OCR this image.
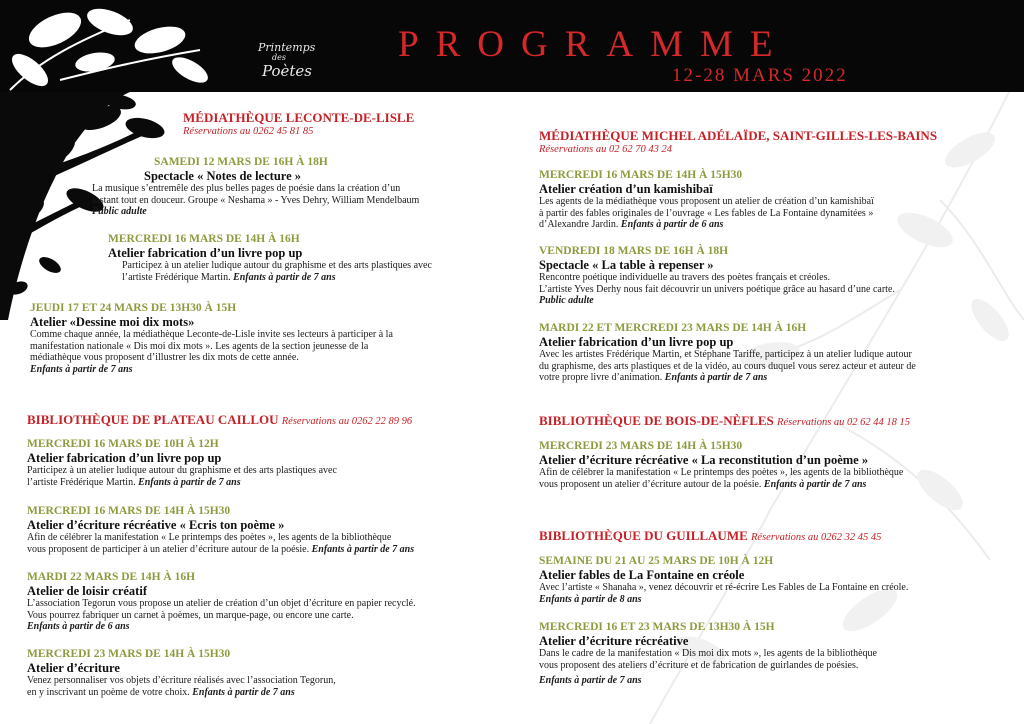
Printemps
des
Poètes
PROGRAMME
12-28 MARS 2022
MÉDIATHÈQUE LECONTE-DE-LISLE
Réservations au 0262 45 81 85
SAMEDI 12 MARS DE 16H À 18H
Spectacle « Notes de lecture »
La musique s’entremêle des plus belles pages de poésie dans la création d’un
instant tout en douceur. Groupe « Neshama » - Yves Dehry, William Mendelbaum
Public adulte
MERCREDI 16 MARS DE 14H À 16H
Atelier fabrication d’un livre pop up
Participez à un atelier ludique autour du graphisme et des arts plastiques avec
l’artiste Frédérique Martin. Enfants à partir de 7 ans
JEUDI 17 ET 24 MARS DE 13H30 À 15H
Atelier «Dessine moi dix mots»
Comme chaque année, la médiathèque Leconte-de-Lisle invite ses lecteurs à participer à la
manifestation nationale « Dis moi dix mots ». Les agents de la section jeunesse de la
médiathèque vous proposent d’illustrer les dix mots de cette année.
Enfants à partir de 7 ans
BIBLIOTHÈQUE DE PLATEAU CAILLOU Réservations au 0262 22 89 96
MERCREDI 16 MARS DE 10H À 12H
Atelier fabrication d’un livre pop up
Participez à un atelier ludique autour du graphisme et des arts plastiques avec
l’artiste Frédérique Martin. Enfants à partir de 7 ans
MERCREDI 16 MARS DE 14H À 15H30
Atelier d’écriture récréative « Ecris ton poème »
Afin de célébrer la manifestation « Le printemps des poètes », les agents de la bibliothèque
vous proposent de participer à un atelier d’écriture autour de la poésie. Enfants à partir de 7 ans
MARDI 22 MARS DE 14H À 16H
Atelier de loisir créatif
L’association Tegorun vous propose un atelier de création d’un objet d’écriture en papier recyclé.
Vous pourrez fabriquer un carnet à poèmes, un marque-page, ou encore une carte.
Enfants à partir de 6 ans
MERCREDI 23 MARS DE 14H À 15H30
Atelier d’écriture
Venez personnaliser vos objets d’écriture réalisés avec l’association Tegorun,
en y inscrivant un poème de votre choix. Enfants à partir de 7 ans
MÉDIATHÈQUE MICHEL ADÉLAÏDE, SAINT-GILLES-LES-BAINS
Réservations au 02 62 70 43 24
MERCREDI 16 MARS DE 14H À 15H30
Atelier création d’un kamishibaï
Les agents de la médiathèque vous proposent un atelier de création d’un kamishibaï
à partir des fables originales de l’ouvrage « Les fables de La Fontaine dynamitées »
d’Alexandre Jardin. Enfants à partir de 6 ans
VENDREDI 18 MARS DE 16H À 18H
Spectacle « La table à repenser »
Rencontre poétique individuelle au travers des poètes français et créoles.
L’artiste Yves Derhy nous fait découvrir un univers poétique grâce au hasard d’une carte.
Public adulte
MARDI 22 ET MERCREDI 23 MARS DE 14H À 16H
Atelier fabrication d’un livre pop up
Avec les artistes Frédérique Martin, et Stéphane Tariffe, participez à un atelier ludique autour
du graphisme, des arts plastiques et de la vidéo, au cours duquel vous serez acteur et auteur de
votre propre livre d’animation. Enfants à partir de 7 ans
BIBLIOTHÈQUE DE BOIS-DE-NÈFLES Réservations au 02 62 44 18 15
MERCREDI 23 MARS DE 14H À 15H30
Atelier d’écriture récréative « La reconstitution d’un poème »
Afin de célébrer la manifestation « Le printemps des poètes », les agents de la bibliothèque
vous proposent un atelier d’écriture autour de la poésie. Enfants à partir de 7 ans
BIBLIOTHÈQUE DU GUILLAUME Réservations au 0262 32 45 45
SEMAINE DU 21 AU 25 MARS DE 10H À 12H
Atelier fables de La Fontaine en créole
Avec l’artiste « Shanaha », venez découvrir et ré-écrire Les Fables de La Fontaine en créole.
Enfants à partir de 8 ans
MERCREDI 16 ET 23 MARS DE 13H30 À 15H
Atelier d’écriture récréative
Dans le cadre de la manifestation « Dis moi dix mots », les agents de la bibliothèque
vous proposent des ateliers d’écriture et de fabrication de guirlandes de poésies.
Enfants à partir de 7 ans
